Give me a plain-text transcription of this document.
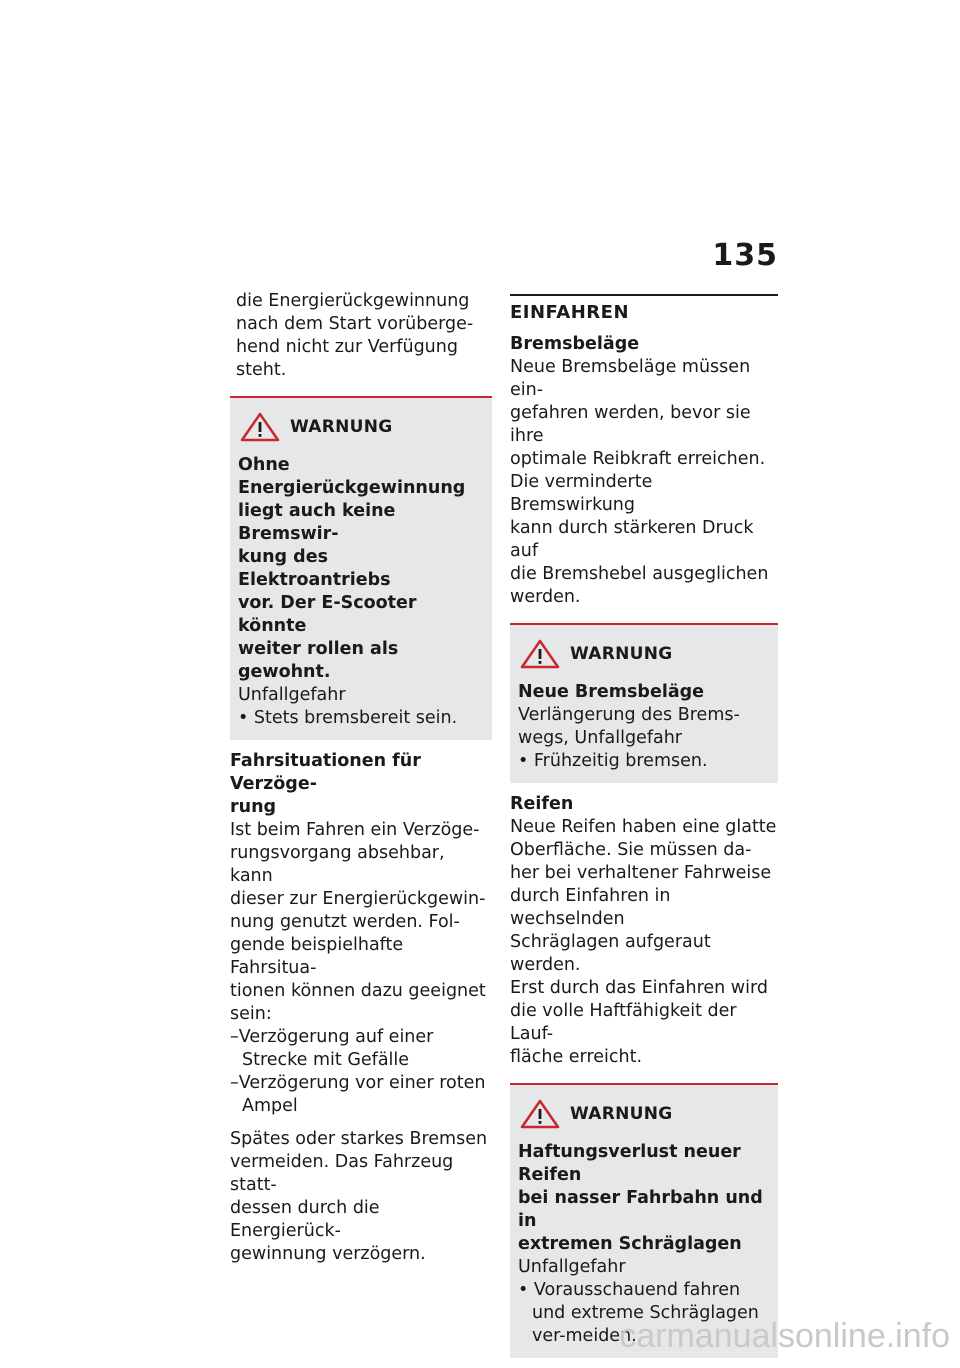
135

die Energierückgewinnung

nach dem Start vorüberge-

hend nicht zur Verfügung

steht.

WARNUNG
Ohne Energierückgewinnung
liegt auch keine Bremswir-
kung des Elektroantriebs
vor. Der E-Scooter könnte
weiter rollen als gewohnt.

Unfallgefahr

• Stets bremsbereit sein.
Fahrsituationen für Verzöge-
rung

Ist beim Fahren ein Verzöge-

rungsvorgang absehbar, kann

dieser zur Energierückgewin-

nung genutzt werden. Fol-

gende beispielhafte Fahrsitua-

tionen können dazu geeignet

sein:

–Verzögerung auf einer Strecke mit Gefälle
–Verzögerung vor einer roten Ampel

Spätes oder starkes Bremsen

vermeiden. Das Fahrzeug statt-

dessen durch die Energierück-

gewinnung verzögern.

EINFAHREN
Bremsbeläge

Neue Bremsbeläge müssen ein-

gefahren werden, bevor sie ihre

optimale Reibkraft erreichen.

Die verminderte Bremswirkung

kann durch stärkeren Druck auf

die Bremshebel ausgeglichen

werden.

WARNUNG
Neue Bremsbeläge

Verlängerung des Brems-

wegs, Unfallgefahr

• Frühzeitig bremsen.
Reifen

Neue Reifen haben eine glatte

Oberfläche. Sie müssen da-

her bei verhaltener Fahrweise

durch Einfahren in wechselnden

Schräglagen aufgeraut werden.

Erst durch das Einfahren wird

die volle Haftfähigkeit der Lauf-

fläche erreicht.

WARNUNG
Haftungsverlust neuer Reifen
bei nasser Fahrbahn und in
extremen Schräglagen

Unfallgefahr

• Vorausschauend fahren und extreme Schräglagen ver-meiden.
carmanualsonline.info
